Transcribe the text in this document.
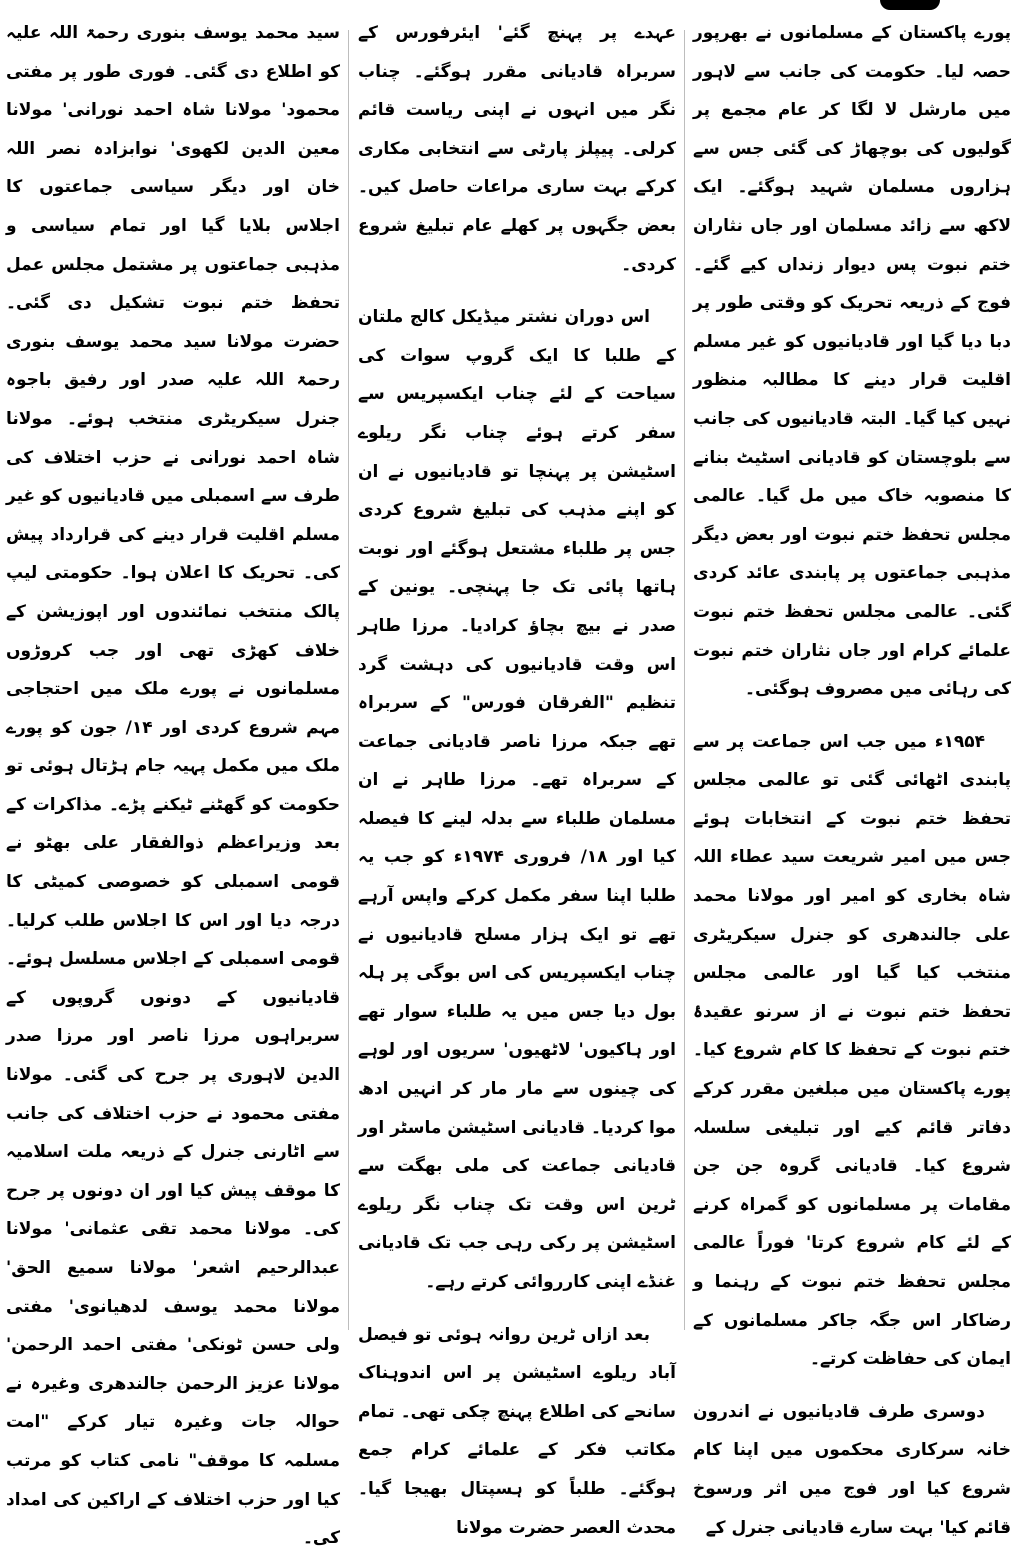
پورے پاکستان کے مسلمانوں نے بھرپور حصہ لیا۔ حکومت کی جانب سے لاہور میں مارشل لا لگا کر عام مجمع پر گولیوں کی بوچھاڑ کی گئی جس سے ہزاروں مسلمان شہید ہوگئے۔ ایک لاکھ سے زائد مسلمان اور جاں نثاران ختم نبوت پس دیوار زنداں کیے گئے۔ فوج کے ذریعہ تحریک کو وقتی طور پر دبا دیا گیا اور قادیانیوں کو غیر مسلم اقلیت قرار دینے کا مطالبہ منظور نہیں کیا گیا۔ البتہ قادیانیوں کی جانب سے بلوچستان کو قادیانی اسٹیٹ بنانے کا منصوبہ خاک میں مل گیا۔ عالمی مجلس تحفظ ختم نبوت اور بعض دیگر مذہبی جماعتوں پر پابندی عائد کردی گئی۔ عالمی مجلس تحفظ ختم نبوت علمائے کرام اور جاں نثاران ختم نبوت کی رہائی میں مصروف ہوگئی۔

۱۹۵۴ء میں جب اس جماعت پر سے پابندی اٹھائی گئی تو عالمی مجلس تحفظ ختم نبوت کے انتخابات ہوئے جس میں امیر شریعت سید عطاء اللہ شاہ بخاری کو امیر اور مولانا محمد علی جالندھری کو جنرل سیکریٹری منتخب کیا گیا اور عالمی مجلس تحفظ ختم نبوت نے از سرنو عقیدۂ ختم نبوت کے تحفظ کا کام شروع کیا۔ پورے پاکستان میں مبلغین مقرر کرکے دفاتر قائم کیے اور تبلیغی سلسلہ شروع کیا۔ قادیانی گروہ جن جن مقامات پر مسلمانوں کو گمراہ کرنے کے لئے کام شروع کرتا' فوراً عالمی مجلس تحفظ ختم نبوت کے رہنما و رضاکار اس جگہ جاکر مسلمانوں کے ایمان کی حفاظت کرتے۔

دوسری طرف قادیانیوں نے اندرون خانہ سرکاری محکموں میں اپنا کام شروع کیا اور فوج میں اثر ورسوخ قائم کیا' بہت سارے قادیانی جنرل کے

عہدے پر پہنچ گئے' ایئرفورس کے سربراہ قادیانی مقرر ہوگئے۔ چناب نگر میں انہوں نے اپنی ریاست قائم کرلی۔ پیپلز پارٹی سے انتخابی مکاری کرکے بہت ساری مراعات حاصل کیں۔ بعض جگہوں پر کھلے عام تبلیغ شروع کردی۔

اس دوران نشتر میڈیکل کالج ملتان کے طلبا کا ایک گروپ سوات کی سیاحت کے لئے چناب ایکسپریس سے سفر کرتے ہوئے چناب نگر ریلوے اسٹیشن پر پہنچا تو قادیانیوں نے ان کو اپنے مذہب کی تبلیغ شروع کردی جس پر طلباء مشتعل ہوگئے اور نوبت ہاتھا پائی تک جا پہنچی۔ یونین کے صدر نے بیچ بچاؤ کرادیا۔ مرزا طاہر اس وقت قادیانیوں کی دہشت گرد تنظیم "الفرقان فورس" کے سربراہ تھے جبکہ مرزا ناصر قادیانی جماعت کے سربراہ تھے۔ مرزا طاہر نے ان مسلمان طلباء سے بدلہ لینے کا فیصلہ کیا اور ۱۸/ فروری ۱۹۷۴ء کو جب یہ طلبا اپنا سفر مکمل کرکے واپس آرہے تھے تو ایک ہزار مسلح قادیانیوں نے چناب ایکسپریس کی اس بوگی پر ہلہ بول دیا جس میں یہ طلباء سوار تھے اور ہاکیوں' لاٹھیوں' سریوں اور لوہے کی چینوں سے مار مار کر انہیں ادھ موا کردیا۔ قادیانی اسٹیشن ماسٹر اور قادیانی جماعت کی ملی بھگت سے ٹرین اس وقت تک چناب نگر ریلوے اسٹیشن پر رکی رہی جب تک قادیانی غنڈے اپنی کارروائی کرتے رہے۔

بعد ازاں ٹرین روانہ ہوئی تو فیصل آباد ریلوے اسٹیشن پر اس اندوہناک سانحے کی اطلاع پہنچ چکی تھی۔ تمام مکاتب فکر کے علمائے کرام جمع ہوگئے۔ طلباً کو ہسپتال بھیجا گیا۔ محدث العصر حضرت مولانا

سید محمد یوسف بنوری رحمۃ اللہ علیہ کو اطلاع دی گئی۔ فوری طور پر مفتی محمود' مولانا شاہ احمد نورانی' مولانا معین الدین لکھوی' نوابزادہ نصر اللہ خان اور دیگر سیاسی جماعتوں کا اجلاس بلایا گیا اور تمام سیاسی و مذہبی جماعتوں پر مشتمل مجلس عمل تحفظ ختم نبوت تشکیل دی گئی۔ حضرت مولانا سید محمد یوسف بنوری رحمۃ اللہ علیہ صدر اور رفیق باجوہ جنرل سیکریٹری منتخب ہوئے۔ مولانا شاہ احمد نورانی نے حزب اختلاف کی طرف سے اسمبلی میں قادیانیوں کو غیر مسلم اقلیت قرار دینے کی قرارداد پیش کی۔ تحریک کا اعلان ہوا۔ حکومتی لیپ پالک منتخب نمائندوں اور اپوزیشن کے خلاف کھڑی تھی اور جب کروڑوں مسلمانوں نے پورے ملک میں احتجاجی مہم شروع کردی اور ۱۴/ جون کو پورے ملک میں مکمل پہیہ جام ہڑتال ہوئی تو حکومت کو گھٹنے ٹیکنے پڑے۔ مذاکرات کے بعد وزیراعظم ذوالفقار علی بھٹو نے قومی اسمبلی کو خصوصی کمیٹی کا درجہ دیا اور اس کا اجلاس طلب کرلیا۔ قومی اسمبلی کے اجلاس مسلسل ہوئے۔ قادیانیوں کے دونوں گروپوں کے سربراہوں مرزا ناصر اور مرزا صدر الدین لاہوری پر جرح کی گئی۔ مولانا مفتی محمود نے حزب اختلاف کی جانب سے اٹارنی جنرل کے ذریعہ ملت اسلامیہ کا موقف پیش کیا اور ان دونوں پر جرح کی۔ مولانا محمد تقی عثمانی' مولانا عبدالرحیم اشعر' مولانا سمیع الحق' مولانا محمد یوسف لدھیانوی' مفتی ولی حسن ٹونکی' مفتی احمد الرحمن' مولانا عزیز الرحمن جالندھری وغیرہ نے حوالہ جات وغیرہ تیار کرکے "امت مسلمہ کا موقف" نامی کتاب کو مرتب کیا اور حزب اختلاف کے اراکین کی امداد کی۔
